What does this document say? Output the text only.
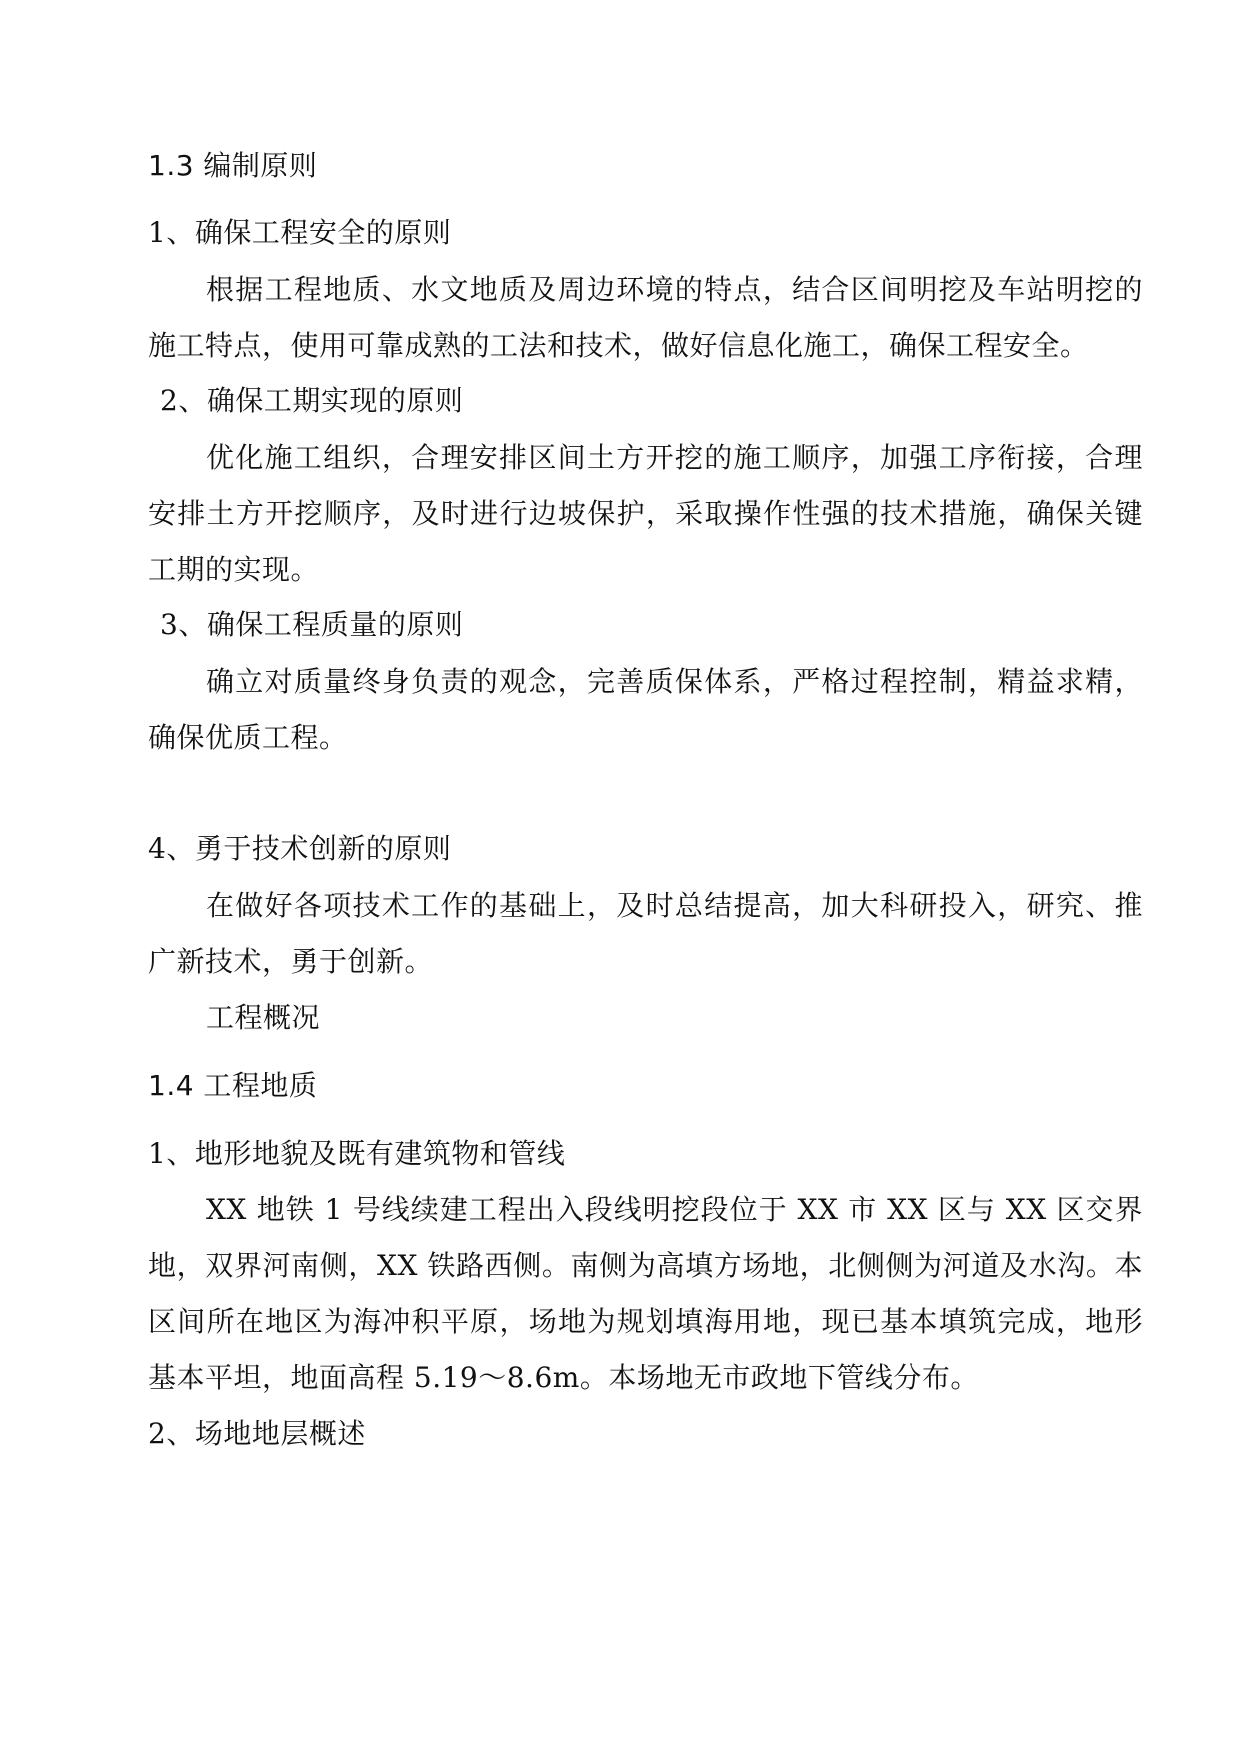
1.3 编制原则
1、确保工程安全的原则
根据工程地质、水文地质及周边环境的特点，结合区间明挖及车站明挖的
施工特点，使用可靠成熟的工法和技术，做好信息化施工，确保工程安全。
2、确保工期实现的原则
优化施工组织，合理安排区间土方开挖的施工顺序，加强工序衔接，合理
安排土方开挖顺序，及时进行边坡保护，采取操作性强的技术措施，确保关键
工期的实现。
3、确保工程质量的原则
确立对质量终身负责的观念，完善质保体系，严格过程控制，精益求精，
确保优质工程。
4、勇于技术创新的原则
在做好各项技术工作的基础上，及时总结提高，加大科研投入，研究、推
广新技术，勇于创新。
工程概况
1.4 工程地质
1、地形地貌及既有建筑物和管线
XX 地铁 1 号线续建工程出入段线明挖段位于 XX 市 XX 区与 XX 区交界
地，双界河南侧，XX 铁路西侧。南侧为高填方场地，北侧侧为河道及水沟。本
区间所在地区为海冲积平原，场地为规划填海用地，现已基本填筑完成，地形
基本平坦，地面高程 5.19～8.6m。本场地无市政地下管线分布。
2、场地地层概述
